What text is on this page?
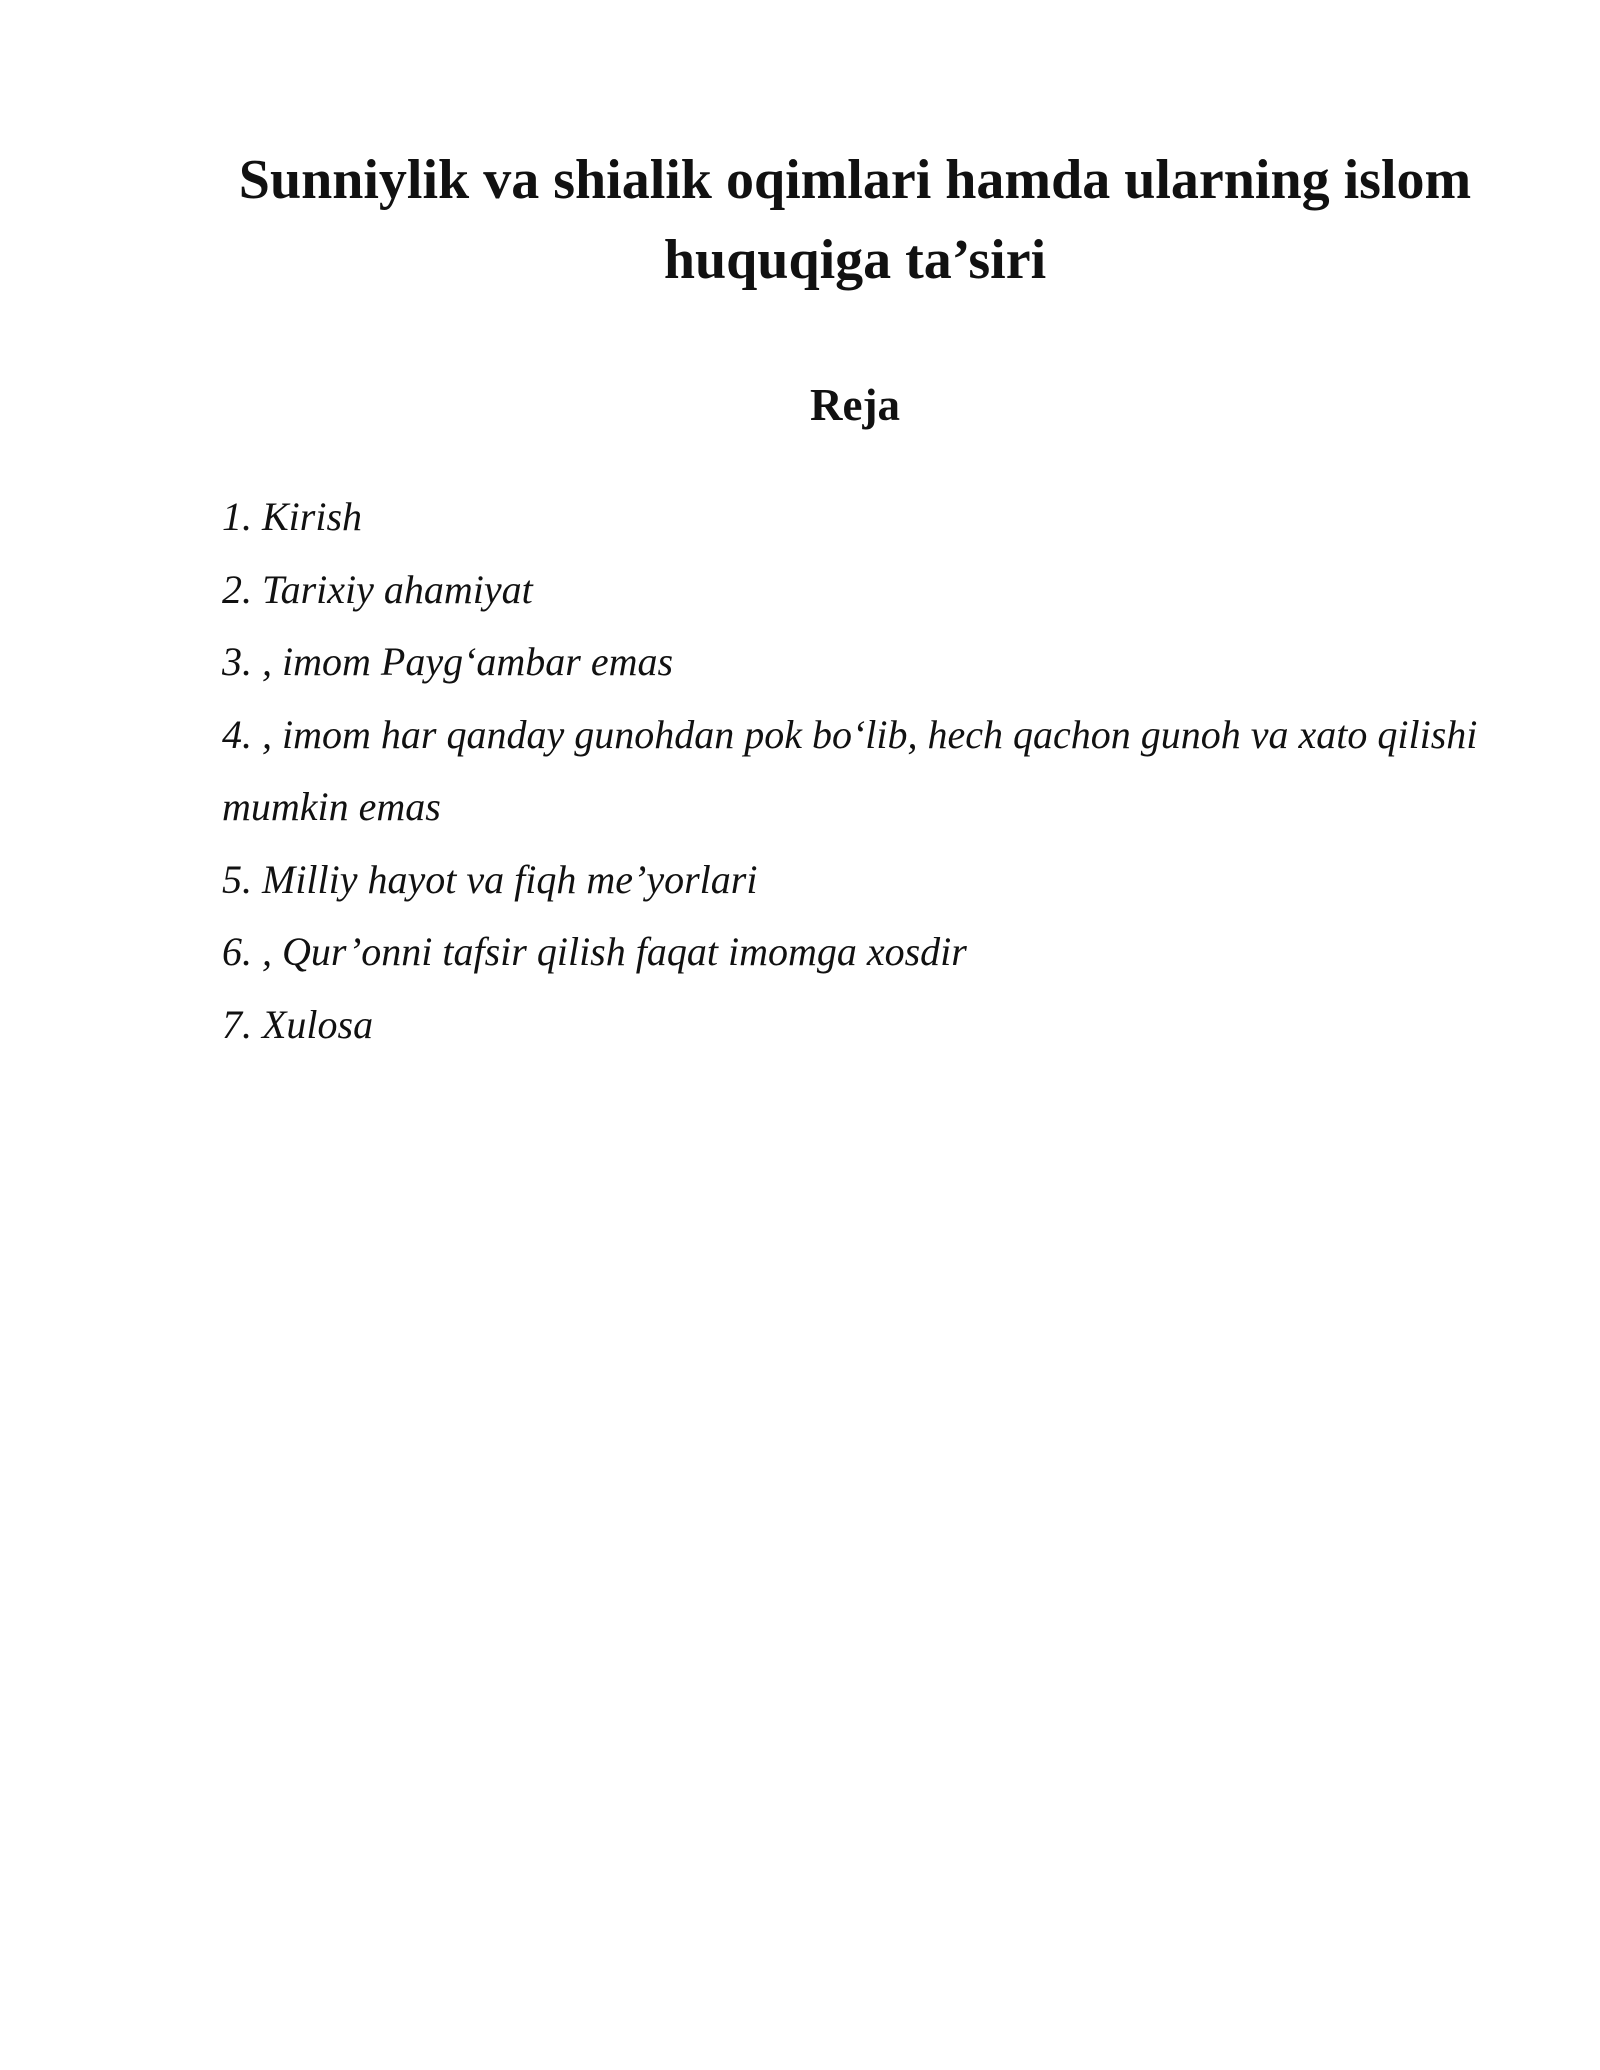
Sunniylik va shialik oqimlari hamda ularning islom huquqiga ta’siri
Reja
1. Kirish
2. Tarixiy ahamiyat
3. , imom Payg‘ambar emas
4. , imom har qanday gunohdan pok bo‘lib, hech qachon gunoh va xato qilishi mumkin emas
5. Milliy hayot va fiqh me’yorlari
6. , Qur’onni tafsir qilish faqat imomga xosdir
7. Xulosa
